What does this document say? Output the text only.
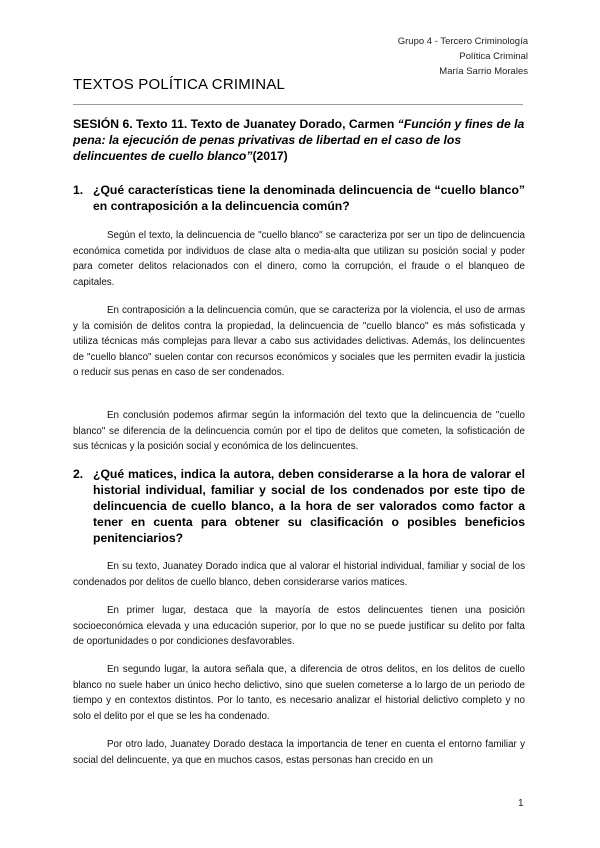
Grupo 4 - Tercero Criminología
Política Criminal
María Sarrio Morales
TEXTOS POLÍTICA CRIMINAL
SESIÓN 6. Texto 11. Texto de Juanatey Dorado, Carmen “Función y fines de la pena: la ejecución de penas privativas de libertad en el caso de los delincuentes de cuello blanco”(2017)
1. ¿Qué características tiene la denominada delincuencia de “cuello blanco” en contraposición a la delincuencia común?
Según el texto, la delincuencia de "cuello blanco" se caracteriza por ser un tipo de delincuencia económica cometida por individuos de clase alta o media-alta que utilizan su posición social y poder para cometer delitos relacionados con el dinero, como la corrupción, el fraude o el blanqueo de capitales.
En contraposición a la delincuencia común, que se caracteriza por la violencia, el uso de armas y la comisión de delitos contra la propiedad, la delincuencia de "cuello blanco" es más sofisticada y utiliza técnicas más complejas para llevar a cabo sus actividades delictivas. Además, los delincuentes de "cuello blanco" suelen contar con recursos económicos y sociales que les permiten evadir la justicia o reducir sus penas en caso de ser condenados.
En conclusión podemos afirmar según la información del texto que la delincuencia de "cuello blanco" se diferencia de la delincuencia común por el tipo de delitos que cometen, la sofisticación de sus técnicas y la posición social y económica de los delincuentes.
2. ¿Qué matices, indica la autora, deben considerarse a la hora de valorar el historial individual, familiar y social de los condenados por este tipo de delincuencia de cuello blanco, a la hora de ser valorados como factor a tener en cuenta para obtener su clasificación o posibles beneficios penitenciarios?
En su texto, Juanatey Dorado indica que al valorar el historial individual, familiar y social de los condenados por delitos de cuello blanco, deben considerarse varios matices.
En primer lugar, destaca que la mayoría de estos delincuentes tienen una posición socioeconómica elevada y una educación superior, por lo que no se puede justificar su delito por falta de oportunidades o por condiciones desfavorables.
En segundo lugar, la autora señala que, a diferencia de otros delitos, en los delitos de cuello blanco no suele haber un único hecho delictivo, sino que suelen cometerse a lo largo de un periodo de tiempo y en contextos distintos. Por lo tanto, es necesario analizar el historial delictivo completo y no solo el delito por el que se les ha condenado.
Por otro lado, Juanatey Dorado destaca la importancia de tener en cuenta el entorno familiar y social del delincuente, ya que en muchos casos, estas personas han crecido en un
1
